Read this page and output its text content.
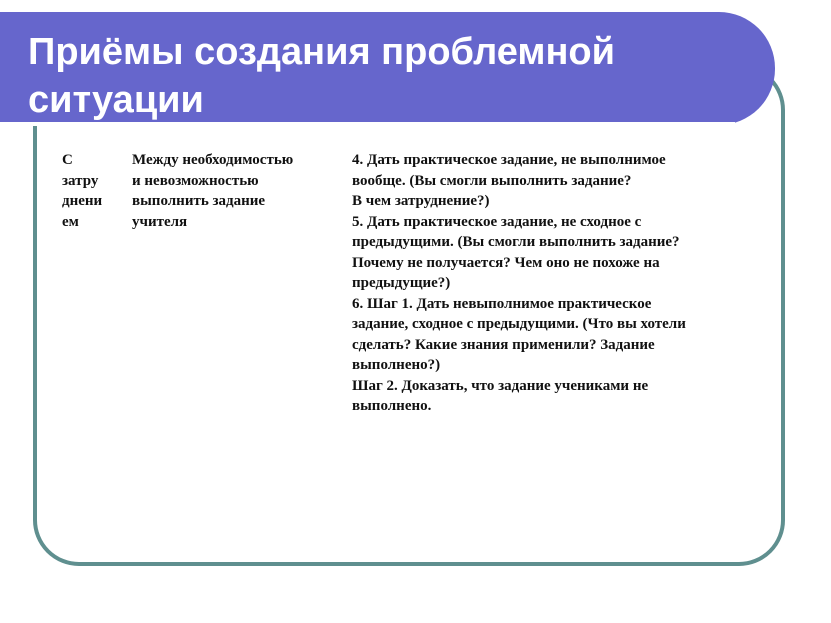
Приёмы создания проблемной
ситуации
С
затру
днени
ем
Между необходимостью
и невозможностью
выполнить задание
учителя
4. Дать практическое задание, не выполнимое
вообще. (Вы смогли выполнить задание?
В чем затруднение?)
5. Дать практическое задание, не сходное с
предыдущими. (Вы смогли выполнить задание?
Почему не получается? Чем оно не похоже на
предыдущие?)
6. Шаг 1. Дать невыполнимое практическое
задание, сходное с предыдущими. (Что вы хотели
сделать? Какие знания применили? Задание
выполнено?)
Шаг 2. Доказать, что задание учениками не
выполнено.
